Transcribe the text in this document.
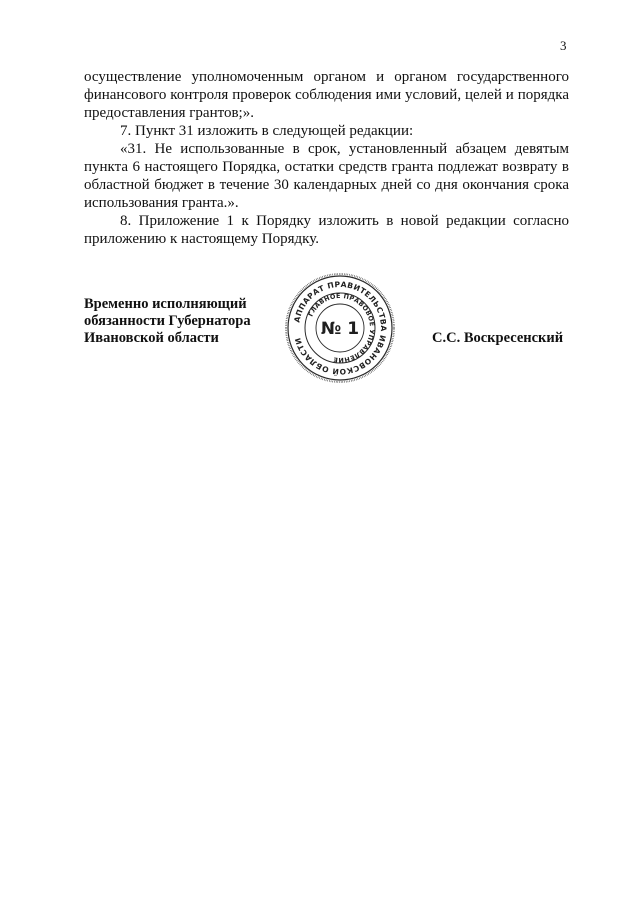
3

осуществление уполномоченным органом и органом государственного финансового контроля проверок соблюдения ими условий, целей и порядка предоставления грантов;».

7. Пункт 31 изложить в следующей редакции:

«31. Не использованные в срок, установленный абзацем девятым пункта 6 настоящего Порядка, остатки средств гранта подлежат возврату в областной бюджет в течение 30 календарных дней со дня окончания срока использования гранта.».

8. Приложение 1 к Порядку изложить в новой редакции согласно приложению к настоящему Порядку.

Временно исполняющий
обязанности Губернатора
Ивановской области
АППАРАТ ПРАВИТЕЛЬСТВА ИВАНОВСКОЙ ОБЛАСТИ
ГЛАВНОЕ ПРАВОВОЕ УПРАВЛЕНИЕ
№ 1	С.С. Воскресенский
